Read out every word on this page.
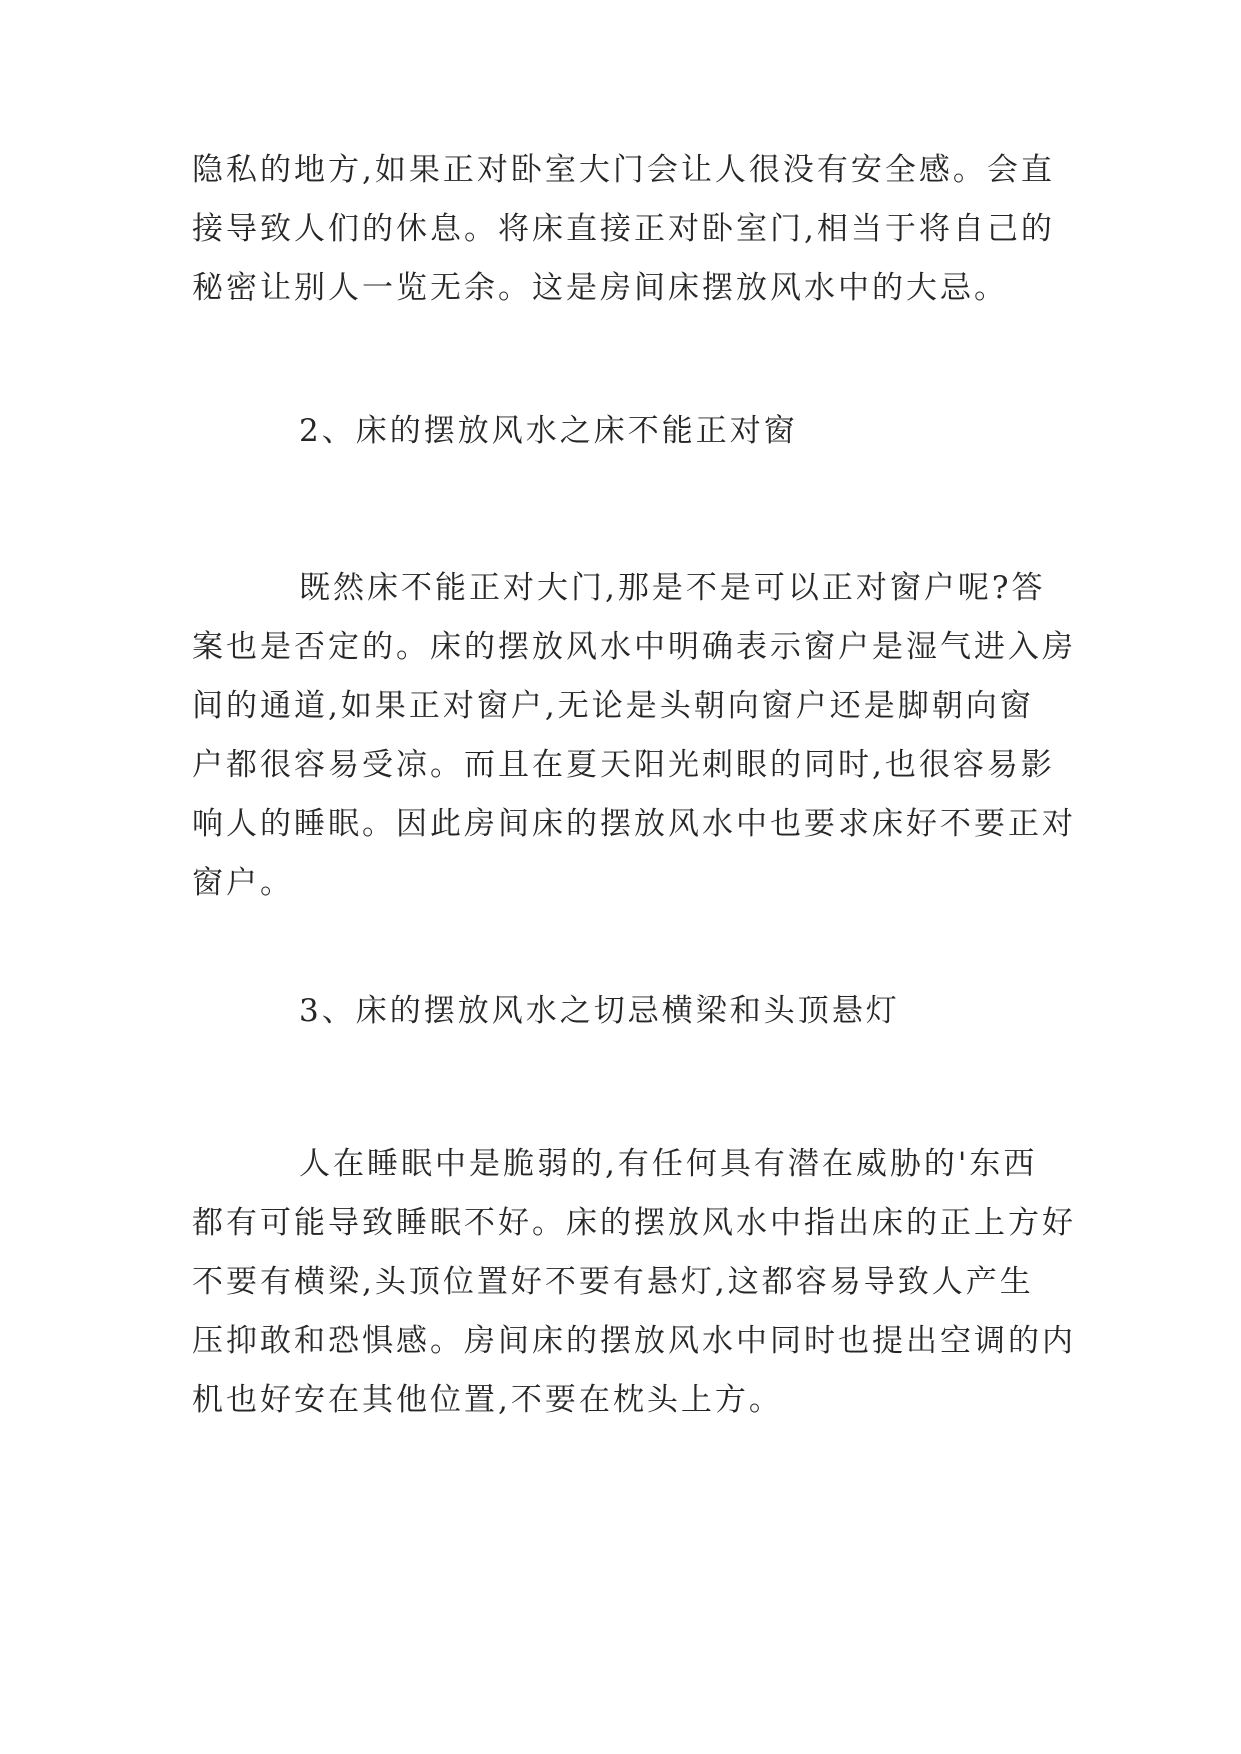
隐私的地方,如果正对卧室大门会让人很没有安全感。会直
接导致人们的休息。将床直接正对卧室门,相当于将自己的
秘密让别人一览无余。这是房间床摆放风水中的大忌。
2、床的摆放风水之床不能正对窗
既然床不能正对大门,那是不是可以正对窗户呢?答
案也是否定的。床的摆放风水中明确表示窗户是湿气进入房
间的通道,如果正对窗户,无论是头朝向窗户还是脚朝向窗
户都很容易受凉。而且在夏天阳光刺眼的同时,也很容易影
响人的睡眠。因此房间床的摆放风水中也要求床好不要正对
窗户。
3、床的摆放风水之切忌横梁和头顶悬灯
人在睡眠中是脆弱的,有任何具有潜在威胁的'东西
都有可能导致睡眠不好。床的摆放风水中指出床的正上方好
不要有横梁,头顶位置好不要有悬灯,这都容易导致人产生
压抑敢和恐惧感。房间床的摆放风水中同时也提出空调的内
机也好安在其他位置,不要在枕头上方。
